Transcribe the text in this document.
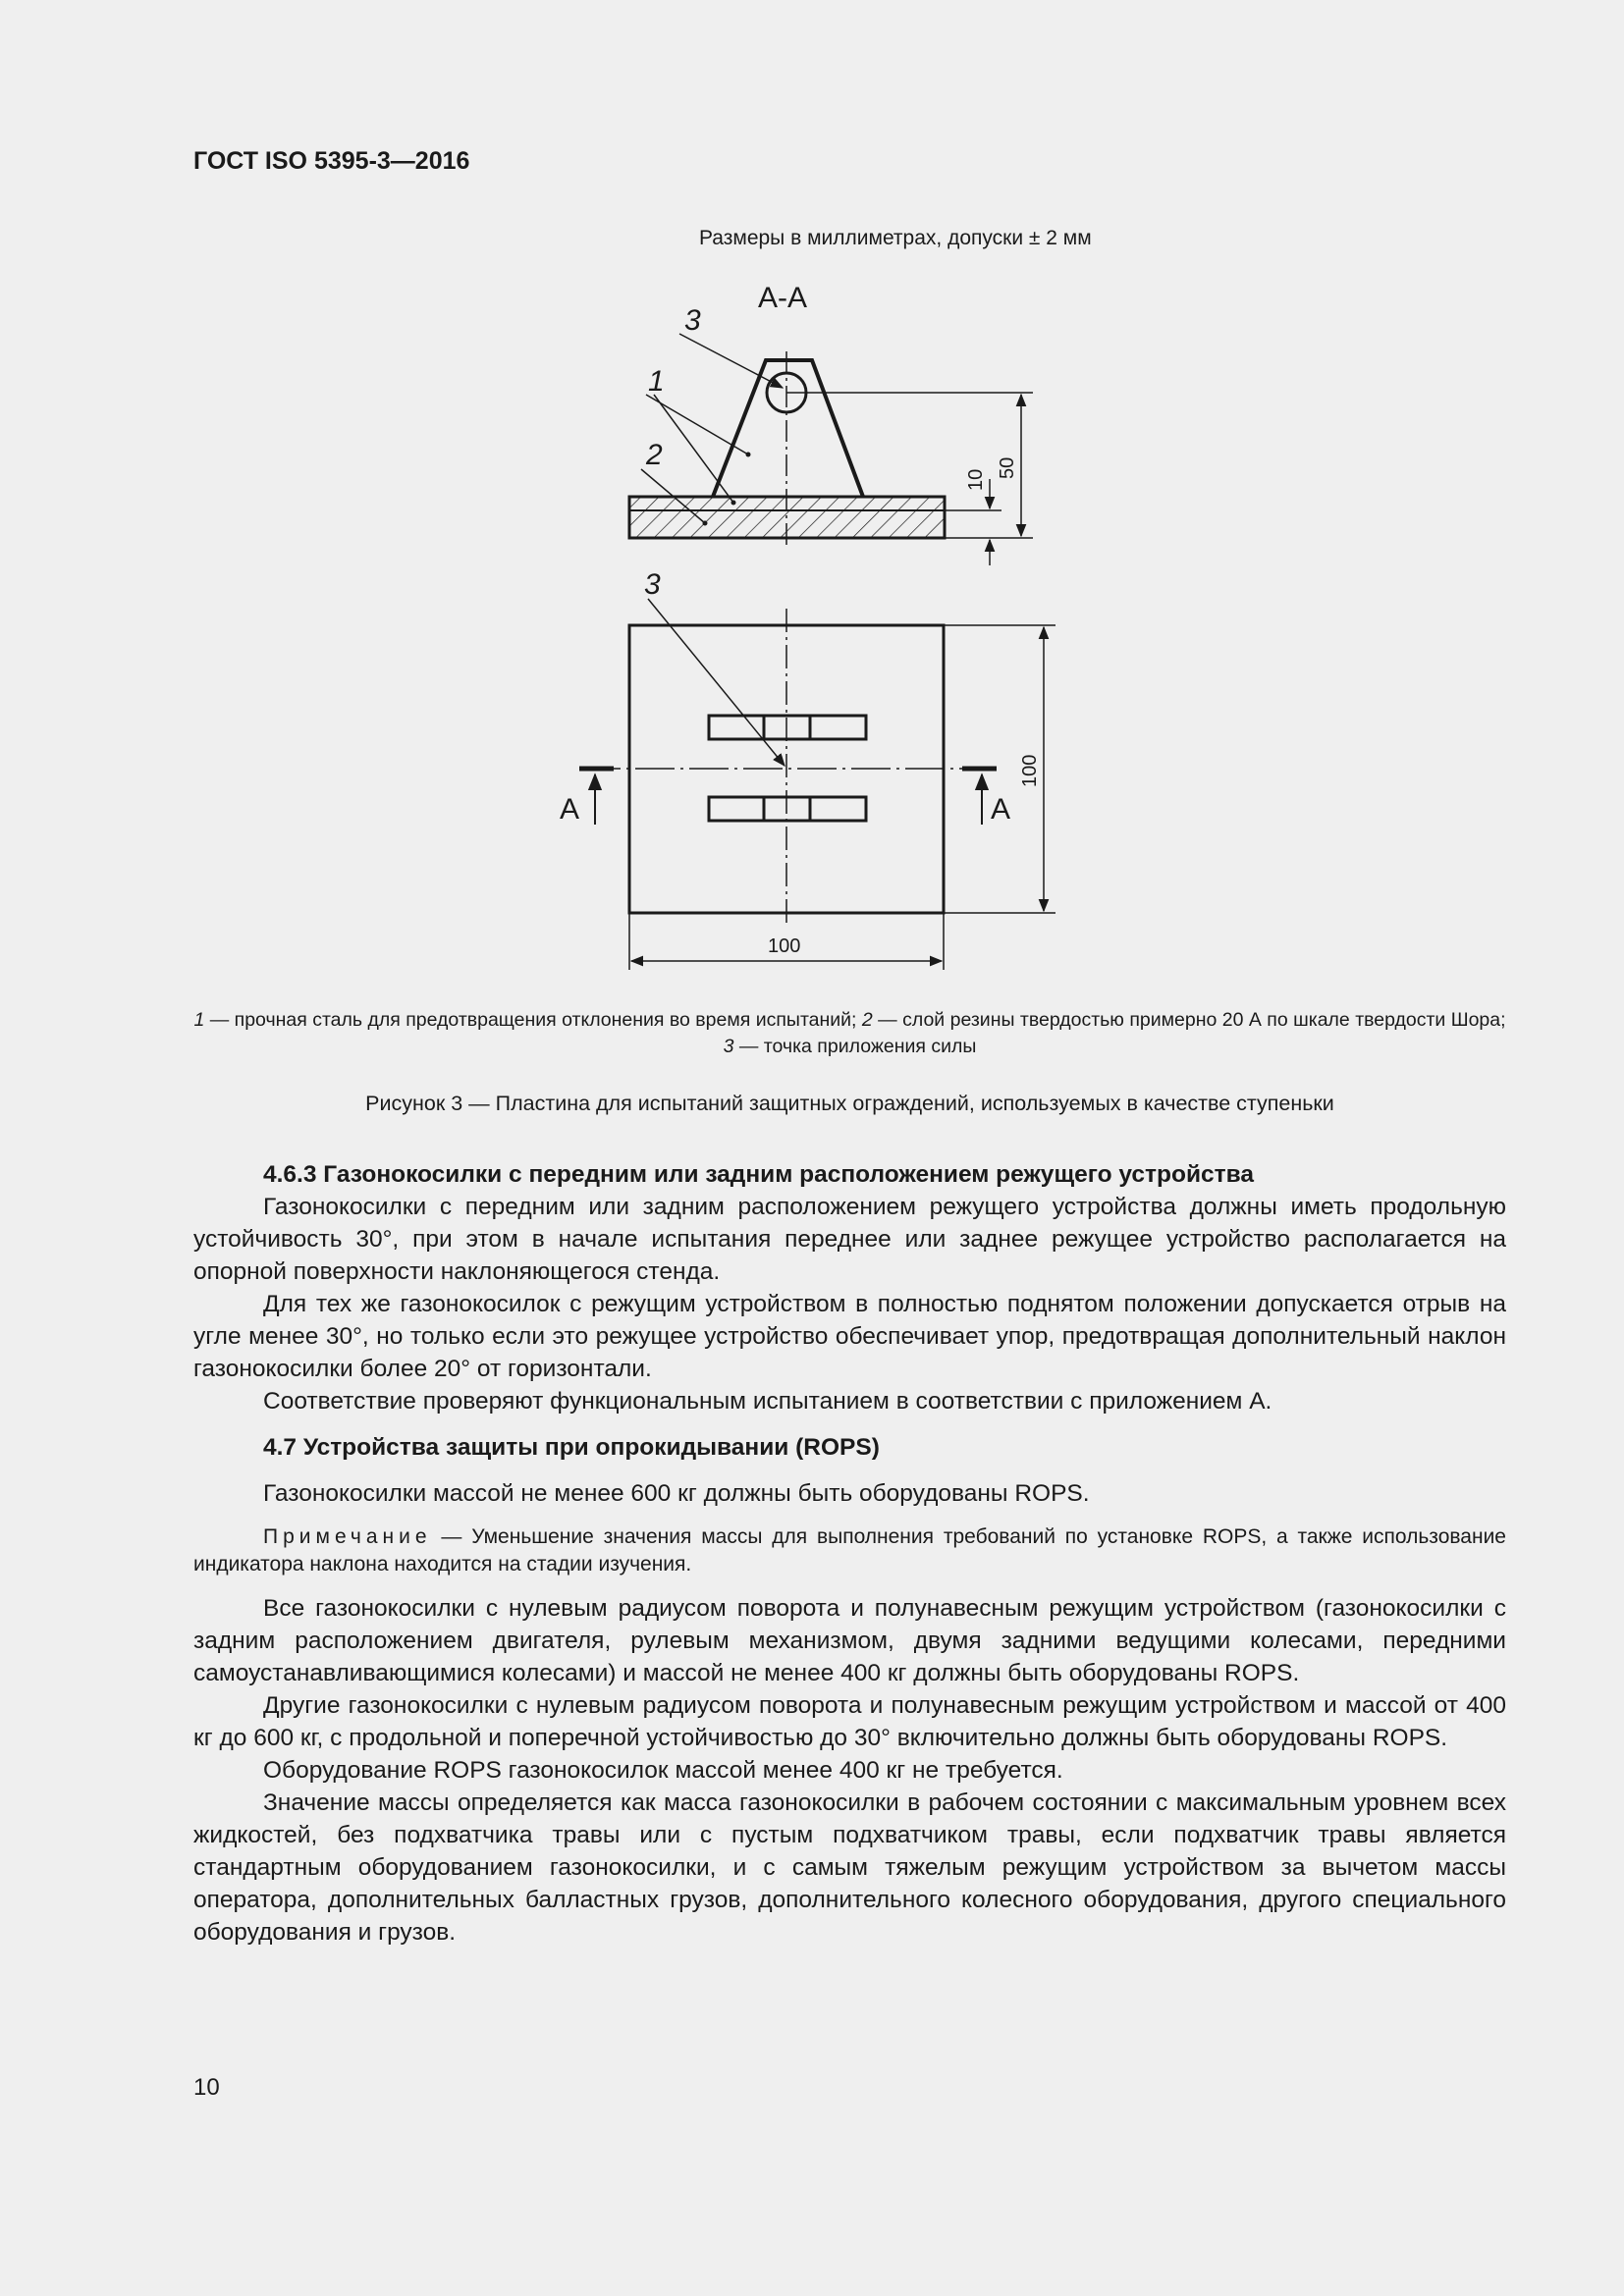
ГОСТ ISO 5395-3—2016
Размеры в миллиметрах, допуски ± 2 мм
А-А
10
50
3
1
2
А	А
3
100
100
1 — прочная сталь для предотвращения отклонения во время испытаний; 2 — слой резины твердостью примерно 20 А по шкале твердости Шора; 3 — точка приложения силы
Рисунок 3 — Пластина для испытаний защитных ограждений, используемых в качестве ступеньки
4.6.3 Газонокосилки с передним или задним расположением режущего устройства

Газонокосилки с передним или задним расположением режущего устройства должны иметь продольную устойчивость 30°, при этом в начале испытания переднее или заднее режущее устройство располагается на опорной поверхности наклоняющегося стенда.

Для тех же газонокосилок с режущим устройством в полностью поднятом положении допускается отрыв на угле менее 30°, но только если это режущее устройство обеспечивает упор, предотвращая дополнительный наклон газонокосилки более 20° от горизонтали.

Соответствие проверяют функциональным испытанием в соответствии с приложением А.

4.7 Устройства защиты при опрокидывании (ROPS)

Газонокосилки массой не менее 600 кг должны быть оборудованы ROPS.

Примечание — Уменьшение значения массы для выполнения требований по установке ROPS, а также использование индикатора наклона находится на стадии изучения.

Все газонокосилки с нулевым радиусом поворота и полунавесным режущим устройством (газонокосилки с задним расположением двигателя, рулевым механизмом, двумя задними ведущими колесами, передними самоустанавливающимися колесами) и массой не менее 400 кг должны быть оборудованы ROPS.

Другие газонокосилки с нулевым радиусом поворота и полунавесным режущим устройством и массой от 400 кг до 600 кг, с продольной и поперечной устойчивостью до 30° включительно должны быть оборудованы ROPS.

Оборудование ROPS газонокосилок массой менее 400 кг не требуется.

Значение массы определяется как масса газонокосилки в рабочем состоянии с максимальным уровнем всех жидкостей, без подхватчика травы или с пустым подхватчиком травы, если подхватчик травы является стандартным оборудованием газонокосилки, и с самым тяжелым режущим устройством за вычетом массы оператора, дополнительных балластных грузов, дополнительного колесного оборудования, другого специального оборудования и грузов.

10
